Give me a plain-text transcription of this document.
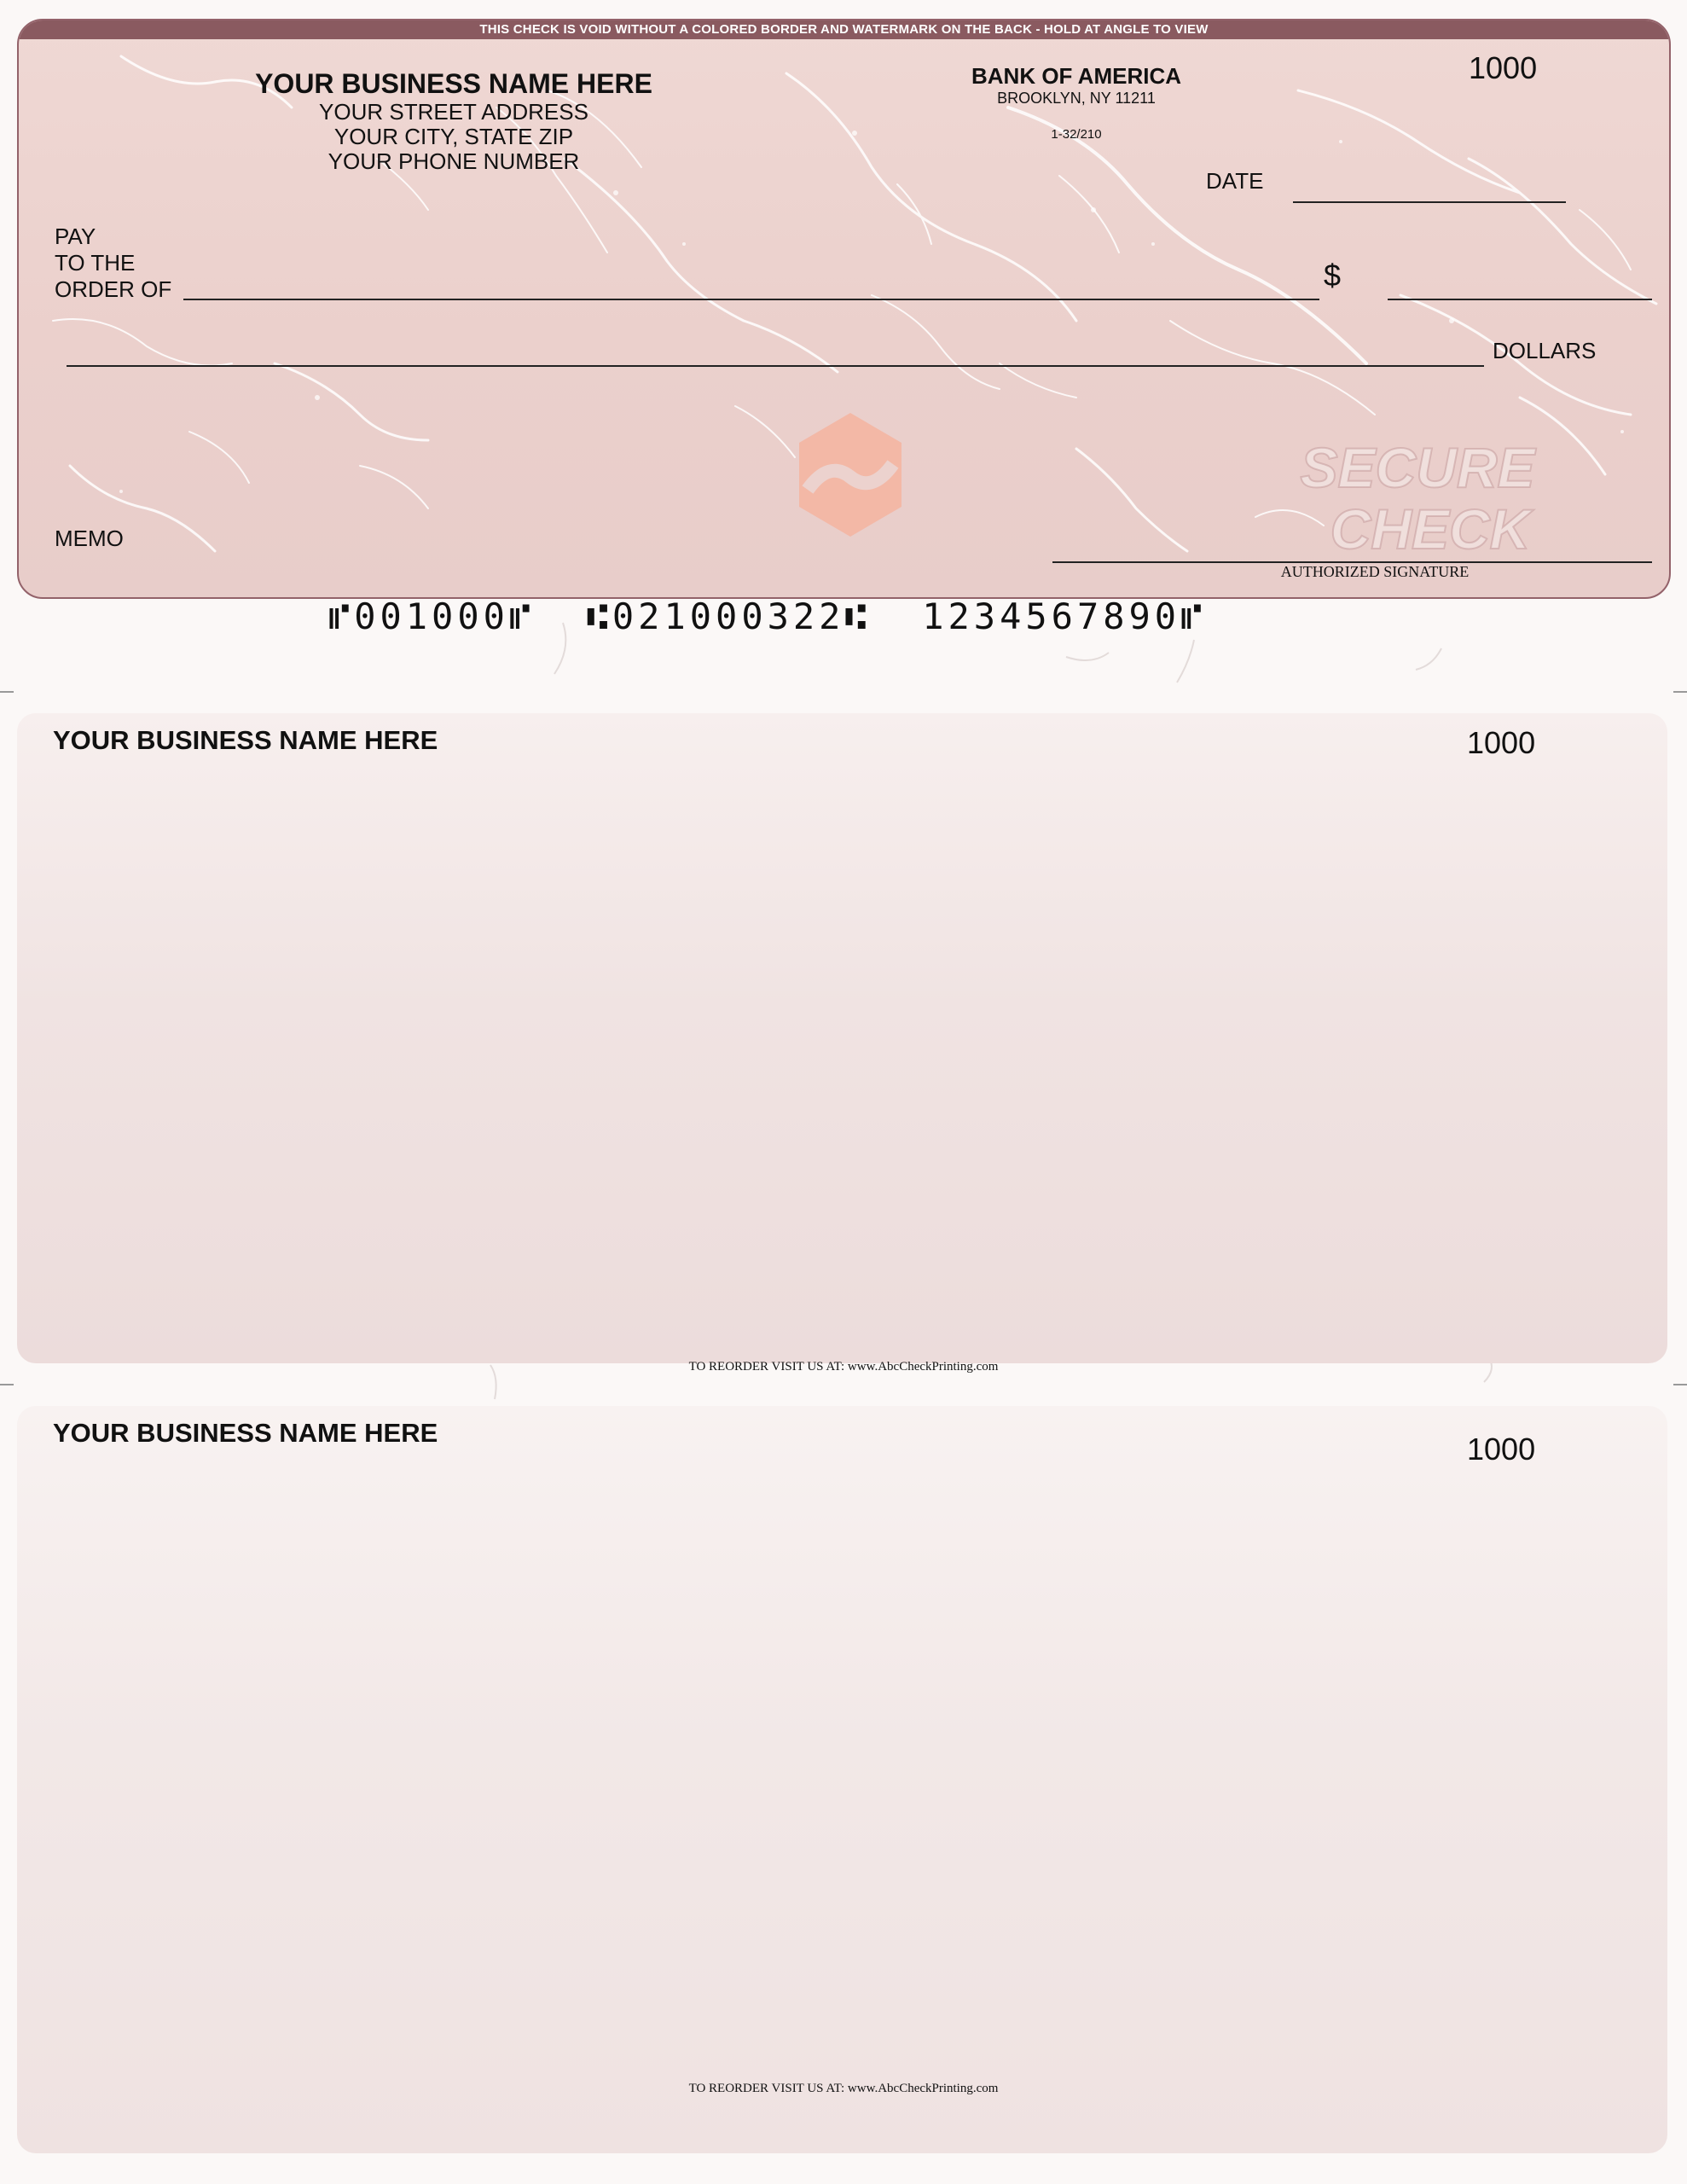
THIS CHECK IS VOID WITHOUT A COLORED BORDER AND WATERMARK ON THE BACK - HOLD AT ANGLE TO VIEW
YOUR BUSINESS NAME HERE
YOUR STREET ADDRESS
YOUR CITY, STATE ZIP
YOUR PHONE NUMBER
BANK OF AMERICA
BROOKLYN, NY 11211
1-32/210
1000
DATE
PAY
TO THE
ORDER OF	$
DOLLARS
SECURE
CHECK
MEMO
AUTHORIZED SIGNATURE
⑈001000⑈  ⑆021000322⑆  1234567890⑈
YOUR BUSINESS NAME HERE	1000
TO REORDER VISIT US AT: www.AbcCheckPrinting.com
YOUR BUSINESS NAME HERE	1000
TO REORDER VISIT US AT: www.AbcCheckPrinting.com
